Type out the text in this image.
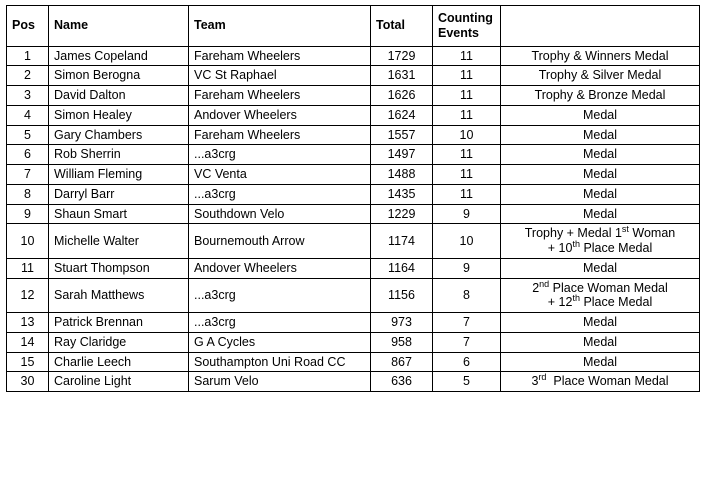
Pos	Name	Team	Total	Counting
Events	
1	James Copeland	Fareham Wheelers	1729	11	Trophy & Winners Medal

2	Simon Berogna	VC St Raphael	1631	11	Trophy & Silver Medal

3	David Dalton	Fareham Wheelers	1626	11	Trophy & Bronze Medal

4	Simon Healey	Andover Wheelers	1624	11	Medal

5	Gary Chambers	Fareham Wheelers	1557	10	Medal

6	Rob Sherrin	...a3crg	1497	11	Medal

7	William Fleming	VC Venta	1488	11	Medal

8	Darryl Barr	...a3crg	1435	11	Medal

9	Shaun Smart	Southdown Velo	1229	9	Medal

10	Michelle Walter	Bournemouth Arrow	1174	10	Trophy + Medal 1st Woman
+ 10th Place Medal
11	Stuart Thompson	Andover Wheelers	1164	9	Medal

12	Sarah Matthews	...a3crg	1156	8	2nd Place Woman Medal
+ 12th Place Medal
13	Patrick Brennan	...a3crg	973	7	Medal

14	Ray Claridge	G A Cycles	958	7	Medal

15	Charlie Leech	Southampton Uni Road CC	867	6	Medal

30	Caroline Light	Sarum Velo	636	5	3rd  Place Woman Medal
